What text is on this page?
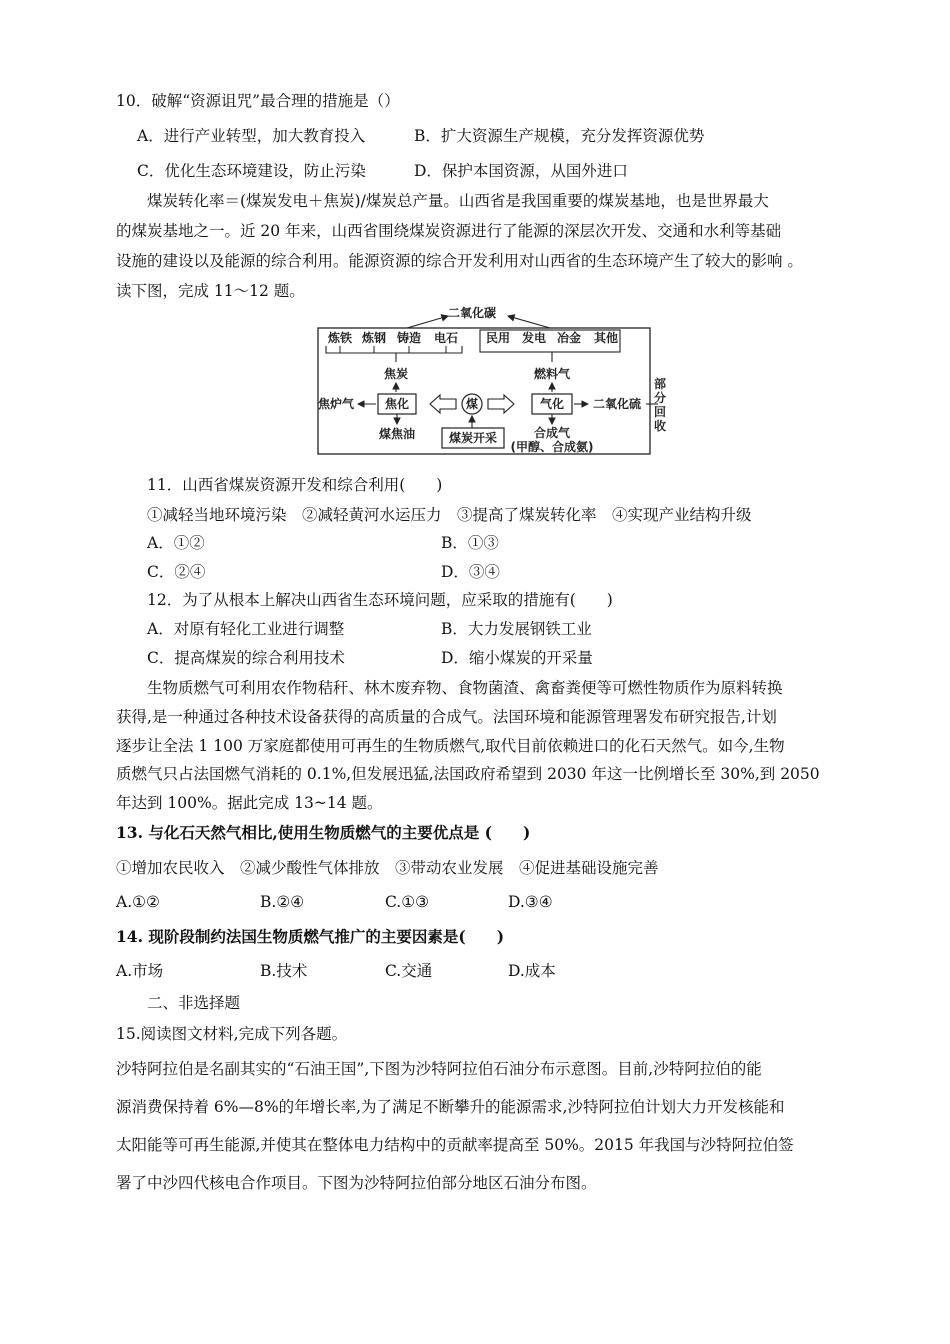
10．破解“资源诅咒”最合理的措施是（）
A．进行产业转型，加大教育投入	B．扩大资源生产规模，充分发挥资源优势
C．优化生态环境建设，防止污染	D．保护本国资源，从国外进口
煤炭转化率＝(煤炭发电＋焦炭)/煤炭总产量。山西省是我国重要的煤炭基地，也是世界最大
的煤炭基地之一。近 20 年来，山西省围绕煤炭资源进行了能源的深层次开发、交通和水利等基础
设施的建设以及能源的综合利用。能源资源的综合开发利用对山西省的生态环境产生了较大的影响 。
读下图，完成 11～12 题。
二氧化碳
炼铁 炼钢 铸造 电石 民用 发电 冶金 其他
焦炭	燃料气
焦炉气	焦化	煤	气化 二氧化硫
部
分
回
收
煤焦油	煤炭开采	合成气
(甲醇、合成氨)
11．山西省煤炭资源开发和综合利用(　　)
①减轻当地环境污染　②减轻黄河水运压力　③提高了煤炭转化率　④实现产业结构升级
A．①②	B．①③
C．②④	D．③④
12．为了从根本上解决山西省生态环境问题，应采取的措施有(　　)
A．对原有轻化工业进行调整	B．大力发展钢铁工业
C．提高煤炭的综合利用技术	D．缩小煤炭的开采量
生物质燃气可利用农作物秸秆、林木废弃物、食物菌渣、禽畜粪便等可燃性物质作为原料转换
获得,是一种通过各种技术设备获得的高质量的合成气。法国环境和能源管理署发布研究报告,计划
逐步让全法 1 100 万家庭都使用可再生的生物质燃气,取代目前依赖进口的化石天然气。如今,生物
质燃气只占法国燃气消耗的 0.1%,但发展迅猛,法国政府希望到 2030 年这一比例增长至 30%,到 2050
年达到 100%。据此完成 13~14 题。
13. 与化石天然气相比,使用生物质燃气的主要优点是 (　　)
①增加农民收入　②减少酸性气体排放　③带动农业发展　④促进基础设施完善
A.①②	B.②④	C.①③	D.③④
14. 现阶段制约法国生物质燃气推广的主要因素是(　　)
A.市场	B.技术	C.交通	D.成本
二、非选择题
15.阅读图文材料,完成下列各题。
沙特阿拉伯是名副其实的“石油王国”,下图为沙特阿拉伯石油分布示意图。目前,沙特阿拉伯的能
源消费保持着 6%—8%的年增长率,为了满足不断攀升的能源需求,沙特阿拉伯计划大力开发核能和
太阳能等可再生能源,并使其在整体电力结构中的贡献率提高至 50%。2015 年我国与沙特阿拉伯签
署了中沙四代核电合作项目。下图为沙特阿拉伯部分地区石油分布图。
